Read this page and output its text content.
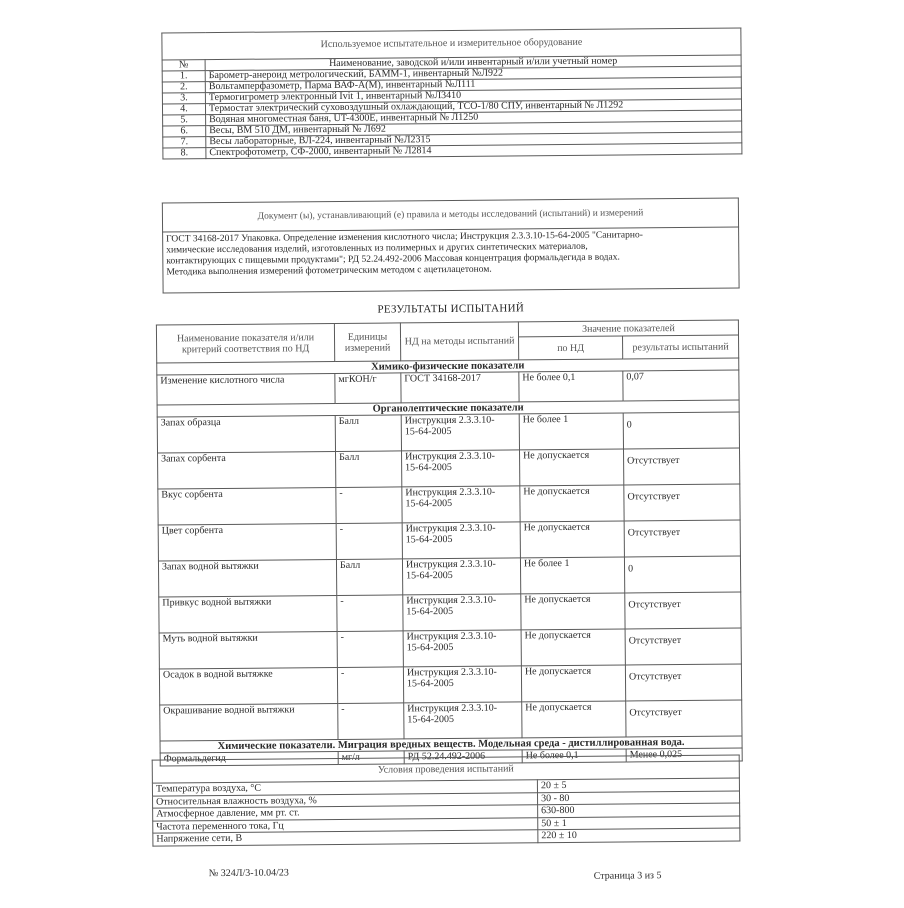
Используемое испытательное и измерительное оборудование	
№	Наименование, заводской и/или инвентарный и/или учетный номер
1.	Барометр-анероид метрологический, БАММ-1, инвентарный №Л922
2.	Вольтамперфазометр, Парма ВАФ-А(М), инвентарный №Л111
3.	Термогигрометр электронный Ivit 1, инвентарный №Л3410
4.	Термостат электрический суховоздушный охлаждающий, ТСО-1/80 СПУ, инвентарный № Л1292
5.	Водяная многоместная баня, UT-4300E, инвентарный № Л1250
6.	Весы, ВМ 510 ДМ, инвентарный № Л692
7.	Весы лабораторные, ВЛ-224, инвентарный №Л2315
8.	Спектрофотометр, СФ-2000, инвентарный № Л2814
Документ (ы), устанавливающий (е) правила и методы исследований (испытаний) и измерений

ГОСТ 34168-2017 Упаковка. Определение изменения кислотного числа; Инструкция 2.3.3.10-15-64-2005 "Санитарно-
химические исследования изделий, изготовленных из полимерных и других синтетических материалов,
контактирующих с пищевыми продуктами"; РД 52.24.492-2006 Массовая концентрация формальдегида в водах.
Методика выполнения измерений фотометрическим методом с ацетилацетоном.
РЕЗУЛЬТАТЫ ИСПЫТАНИЙ
Наименование показателя и/или критерий соответствия по НД	Единицы измерений	НД на методы испытаний	Значение показателей	
			по НД	результаты испытаний
Химико-физические показатели				
Изменение кислотного числа	мгКОН/г	ГОСТ 34168-2017	Не более 0,1	0,07
Органолептические показатели				
Запах образца	Балл	Инструкция 2.3.3.10-
15-64-2005	Не более 1	0
Запах сорбента	Балл	Инструкция 2.3.3.10-
15-64-2005	Не допускается	Отсутствует
Вкус сорбента	-	Инструкция 2.3.3.10-
15-64-2005	Не допускается	Отсутствует
Цвет сорбента	-	Инструкция 2.3.3.10-
15-64-2005	Не допускается	Отсутствует
Запах водной вытяжки	Балл	Инструкция 2.3.3.10-
15-64-2005	Не более 1	0
Привкус водной вытяжки	-	Инструкция 2.3.3.10-
15-64-2005	Не допускается	Отсутствует
Муть водной вытяжки	-	Инструкция 2.3.3.10-
15-64-2005	Не допускается	Отсутствует
Осадок в водной вытяжке	-	Инструкция 2.3.3.10-
15-64-2005	Не допускается	Отсутствует
Окрашивание водной вытяжки	-	Инструкция 2.3.3.10-
15-64-2005	Не допускается	Отсутствует
Химические показатели. Миграция вредных веществ. Модельная среда - дистиллированная вода.				
Формальдегид	мг/л	РД 52.24.492-2006	Не более 0,1	Менее 0,025
Условия проведения испытаний	
Температура воздуха, °С	20 ± 5
Относительная влажность воздуха, %	30 - 80
Атмосферное давление, мм рт. ст.	630-800
Частота переменного тока, Гц	50 ± 1
Напряжение сети, В	220 ± 10
№ 324Л/3-10.04/23	Страница 3 из 5
